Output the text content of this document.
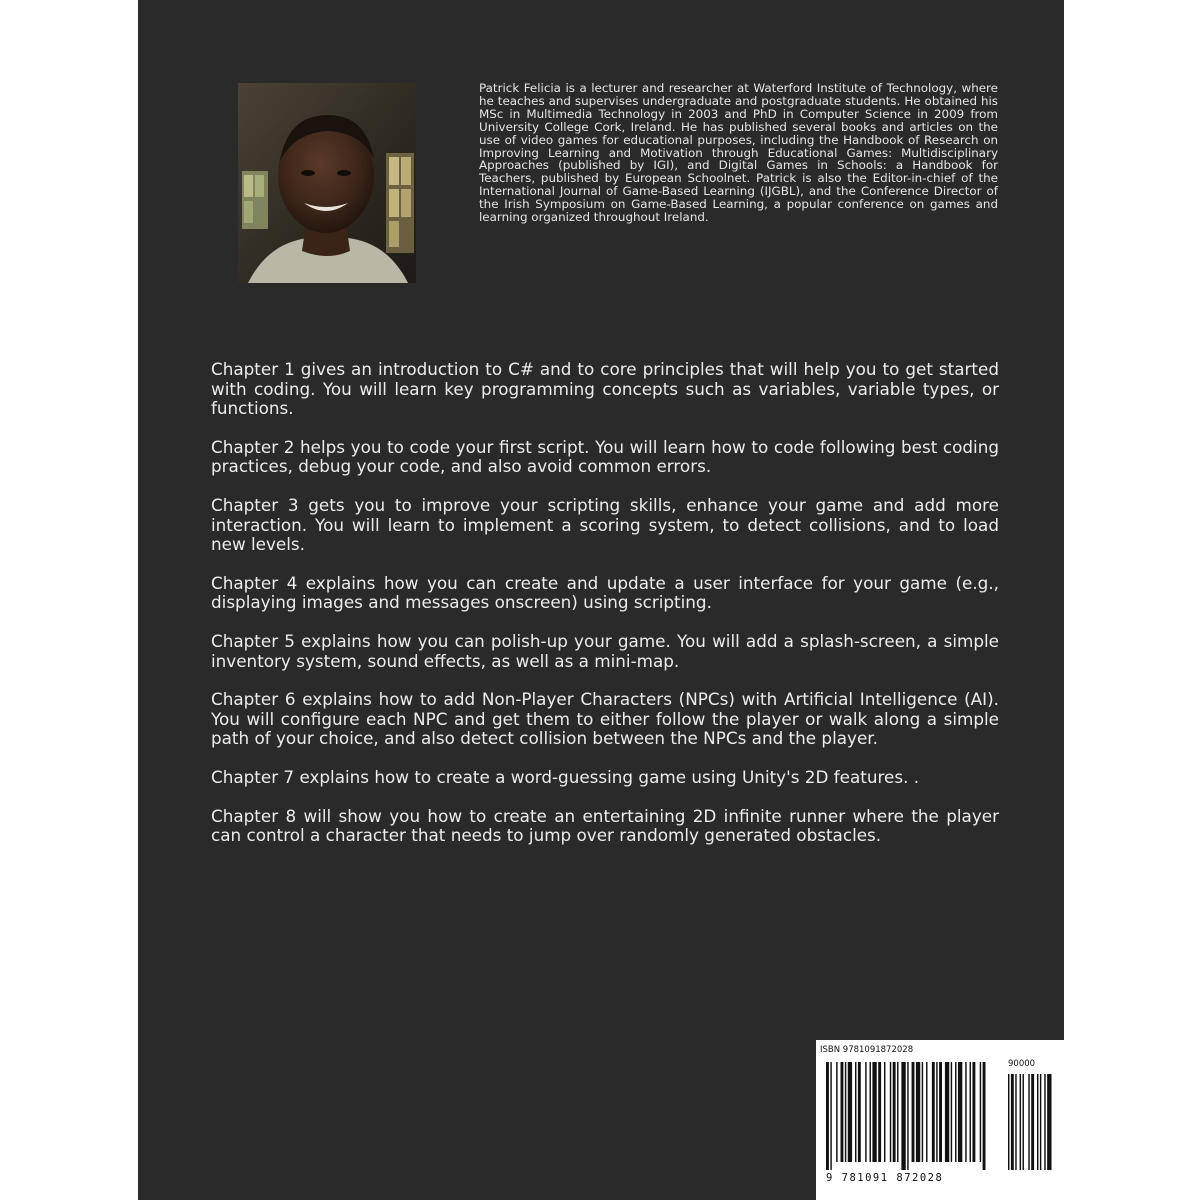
Patrick Felicia is a lecturer and researcher at Waterford Institute of Technology, where he teaches and supervises undergraduate and postgraduate students. He obtained his MSc in Multimedia Technology in 2003 and PhD in Computer Science in 2009 from University College Cork, Ireland. He has published several books and articles on the use of video games for educational purposes, including the Handbook of Research on Improving Learning and Motivation through Educational Games: Multidisciplinary Approaches (published by IGI), and Digital Games in Schools: a Handbook for Teachers, published by European Schoolnet. Patrick is also the Editor-in-chief of the International Journal of Game-Based Learning (IJGBL), and the Conference Director of the Irish Symposium on Game-Based Learning, a popular conference on games and learning organized throughout Ireland.

Chapter 1 gives an introduction to C# and to core principles that will help you to get started with coding. You will learn key programming concepts such as variables, variable types, or functions.

Chapter 2 helps you to code your first script. You will learn how to code following best coding practices, debug your code, and also avoid common errors.

Chapter 3 gets you to improve your scripting skills, enhance your game and add more interaction. You will learn to implement a scoring system, to detect collisions, and to load new levels.

Chapter 4 explains how you can create and update a user interface for your game (e.g., displaying images and messages onscreen) using scripting.

Chapter 5 explains how you can polish-up your game. You will add a splash-screen, a simple inventory system, sound effects, as well as a mini-map.

Chapter 6 explains how to add Non-Player Characters (NPCs) with Artificial Intelligence (AI). You will configure each NPC and get them to either follow the player or walk along a simple path of your choice, and also detect collision between the NPCs and the player.

Chapter 7 explains how to create a word-guessing game using Unity's 2D features. .

Chapter 8 will show you how to create an entertaining 2D infinite runner where the player can control a character that needs to jump over randomly generated obstacles.

ISBN 9781091872028
90000
9 781091 872028
